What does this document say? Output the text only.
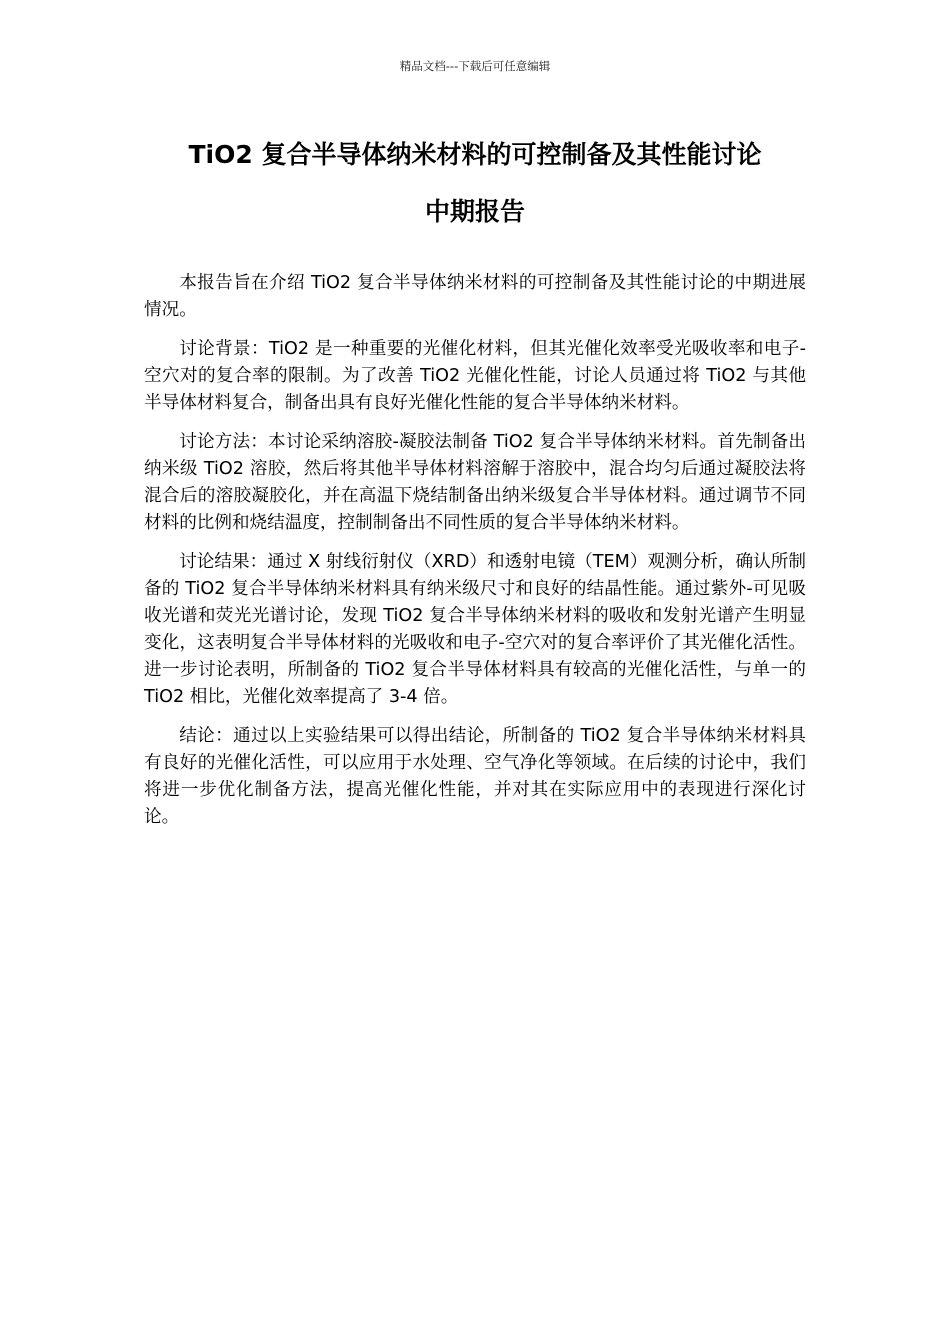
精品文档---下载后可任意编辑
TiO2 复合半导体纳米材料的可控制备及其性能讨论
中期报告

本报告旨在介绍 TiO2 复合半导体纳米材料的可控制备及其性能讨论的中期进展情况。

讨论背景：TiO2 是一种重要的光催化材料，但其光催化效率受光吸收率和电子-空穴对的复合率的限制。为了改善 TiO2 光催化性能，讨论人员通过将 TiO2 与其他半导体材料复合，制备出具有良好光催化性能的复合半导体纳米材料。

讨论方法：本讨论采纳溶胶-凝胶法制备 TiO2 复合半导体纳米材料。首先制备出纳米级 TiO2 溶胶，然后将其他半导体材料溶解于溶胶中，混合均匀后通过凝胶法将混合后的溶胶凝胶化，并在高温下烧结制备出纳米级复合半导体材料。通过调节不同材料的比例和烧结温度，控制制备出不同性质的复合半导体纳米材料。

讨论结果：通过 X 射线衍射仪（XRD）和透射电镜（TEM）观测分析，确认所制备的 TiO2 复合半导体纳米材料具有纳米级尺寸和良好的结晶性能。通过紫外-可见吸收光谱和荧光光谱讨论，发现 TiO2 复合半导体纳米材料的吸收和发射光谱产生明显变化，这表明复合半导体材料的光吸收和电子-空穴对的复合率评价了其光催化活性。进一步讨论表明，所制备的 TiO2 复合半导体材料具有较高的光催化活性，与单一的 TiO2 相比，光催化效率提高了 3-4 倍。

结论：通过以上实验结果可以得出结论，所制备的 TiO2 复合半导体纳米材料具有良好的光催化活性，可以应用于水处理、空气净化等领域。在后续的讨论中，我们将进一步优化制备方法，提高光催化性能，并对其在实际应用中的表现进行深化讨论。
